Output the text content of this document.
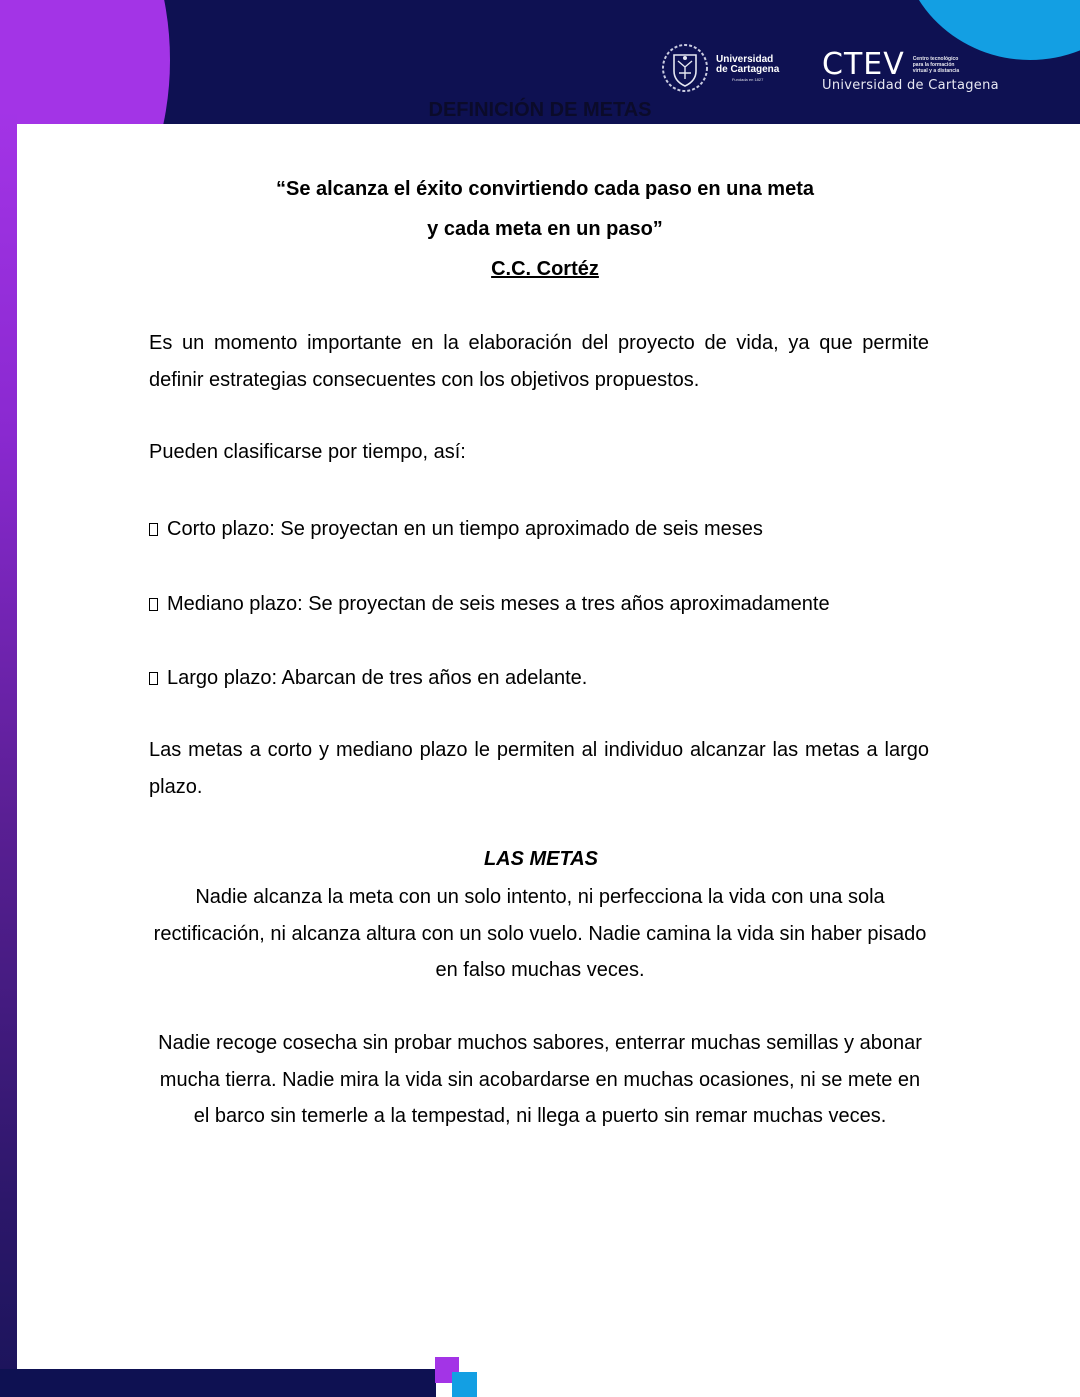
Universidad
de Cartagena
Fundada en 1827	CTEV Centro tecnológico para la formación virtual y a distancia
Universidad de Cartagena
DEFINICIÓN DE METAS
“Se alcanza el éxito convirtiendo cada paso en una meta
y cada meta en un paso”
C.C. Cortéz
Es un momento importante en la elaboración del proyecto de vida, ya que permite definir estrategias consecuentes con los objetivos propuestos.
Pueden clasificarse por tiempo, así:
Corto plazo: Se proyectan en un tiempo aproximado de seis meses
Mediano plazo: Se proyectan de seis meses a tres años aproximadamente
Largo plazo: Abarcan de tres años en adelante.
Las metas a corto y mediano plazo le permiten al individuo alcanzar las metas a largo plazo.
LAS METAS
Nadie alcanza la meta con un solo intento, ni perfecciona la vida con una sola rectificación, ni alcanza altura con un solo vuelo. Nadie camina la vida sin haber pisado en falso muchas veces.
Nadie recoge cosecha sin probar muchos sabores, enterrar muchas semillas y abonar mucha tierra. Nadie mira la vida sin acobardarse en muchas ocasiones, ni se mete en el barco sin temerle a la tempestad, ni llega a puerto sin remar muchas veces.
